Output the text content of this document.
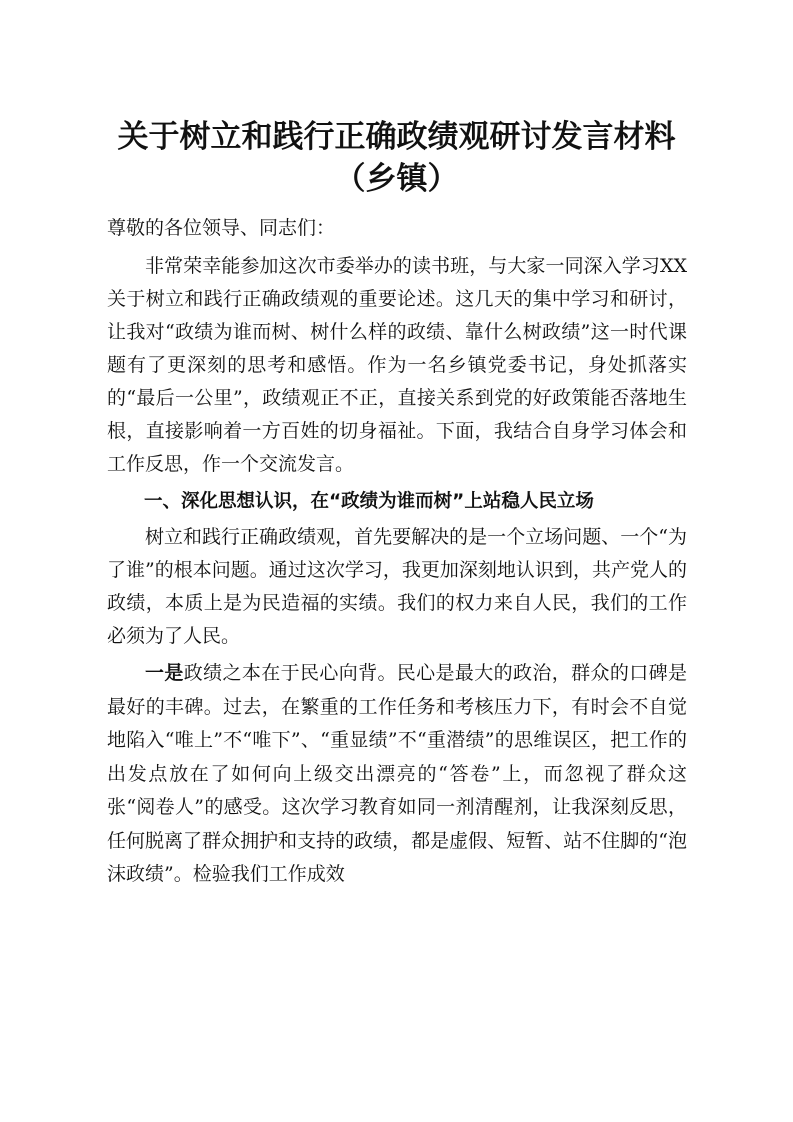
关于树立和践行正确政绩观研讨发言材料
（乡镇）

尊敬的各位领导、同志们：

非常荣幸能参加这次市委举办的读书班，与大家一同深入学习XX关于树立和践行正确政绩观的重要论述。这几天的集中学习和研讨，让我对“政绩为谁而树、树什么样的政绩、靠什么树政绩”这一时代课题有了更深刻的思考和感悟。作为一名乡镇党委书记，身处抓落实的“最后一公里”，政绩观正不正，直接关系到党的好政策能否落地生根，直接影响着一方百姓的切身福祉。下面，我结合自身学习体会和工作反思，作一个交流发言。

一、深化思想认识，在“政绩为谁而树”上站稳人民立场

树立和践行正确政绩观，首先要解决的是一个立场问题、一个“为了谁”的根本问题。通过这次学习，我更加深刻地认识到，共产党人的政绩，本质上是为民造福的实绩。我们的权力来自人民，我们的工作必须为了人民。

一是政绩之本在于民心向背。民心是最大的政治，群众的口碑是最好的丰碑。过去，在繁重的工作任务和考核压力下，有时会不自觉地陷入“唯上”不“唯下”、“重显绩”不“重潜绩”的思维误区，把工作的出发点放在了如何向上级交出漂亮的“答卷”上，而忽视了群众这张“阅卷人”的感受。这次学习教育如同一剂清醒剂，让我深刻反思，任何脱离了群众拥护和支持的政绩，都是虚假、短暂、站不住脚的“泡沫政绩”。检验我们工作成效
